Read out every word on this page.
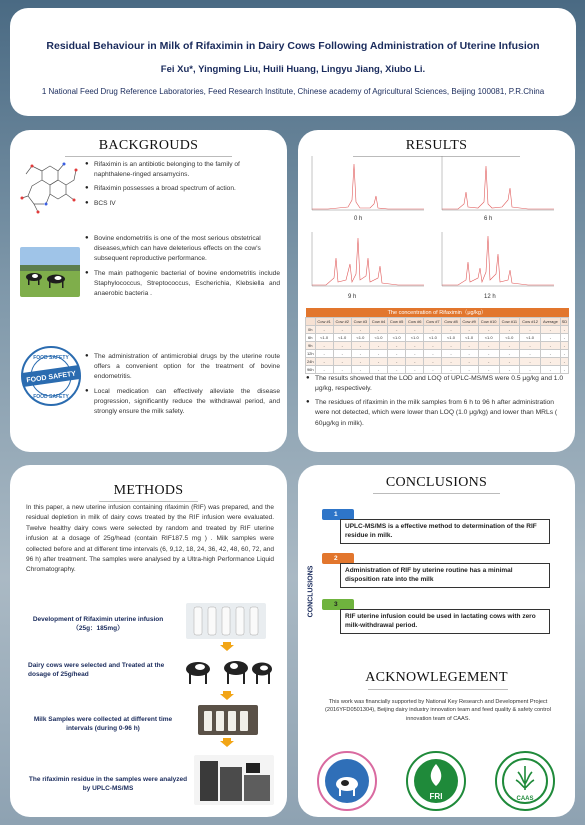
Residual Behaviour in Milk of Rifaximin in Dairy Cows Following Administration of Uterine Infusion
Fei Xu*, Yingming Liu, Huili Huang, Lingyu Jiang, Xiubo Li.
1 National Feed Drug Reference Laboratories, Feed Research Institute, Chinese academy of Agricultural Sciences, Beijing 100081, P.R.China
BACKGROUDS
● Rifaximin is an antibiotic belonging to the family of naphthalene-ringed ansamycins.
● Rifaximin possesses a broad spectrum of action.
● BCS IV
● Bovine endometritis is one of the most serious obstetrical diseases,which can have deleterious effects on the cow's subsequent reproductive performance.
● The main pathogenic bacterial of bovine endometritis include Staphylococcus, Streptococcus, Escherichia, Klebsiella and anaerobic bacteria .
FOOD SAFETY
FOOD SAFETY
FOOD SAFETY
● The administration of antimicrobial drugs by the uterine route offers a convenient option for the treatment of bovine endometritis.
● Local medication can effectively alleviate the disease progression, significantly reduce the withdrawal period, and strongly ensure the milk safety.
RESULTS
0 h	6 h
9 h	12 h
The concentration of Rifaximin（μg/kg）														
	Cow #1	Cow #2	Cow #3	Cow #4	Cow #5	Cow #6	Cow #7	Cow #8	Cow #9	Cow #10	Cow #11	Cow #12	Average	SD
0h	-	-	-	-	-	-	-	-	-	-	-	-	-	-
6h	<1.0	<1.0	<1.0	<1.0	<1.0	<1.0	<1.0	<1.0	<1.0	<1.0	<1.0	<1.0	-	-
9h	-	-	-	-	-	-	-	-	-	-	-	-	-	-
12h	-	-	-	-	-	-	-	-	-	-	-	-	-	-
24h	-	-	-	-	-	-	-	-	-	-	-	-	-	-
96h	-	-	-	-	-	-	-	-	-	-	-	-	-	-
● The results showed that the LOD and LOQ of UPLC-MS/MS were 0.5 μg/kg and 1.0 μg/kg, respectively.
● The residues of rifaximin in the milk samples from 6 h to 96 h after administration were not detected, which were lower than LOQ (1.0 μg/kg) and lower than MRLs ( 60μg/kg in milk).
METHODS
In this paper, a new uterine infusion containing rifaximin (RIF) was prepared, and the residual depletion in milk of dairy cows treated by the RIF infusion were evaluated. Twelve healthy dairy cows were selected by random and treated by RIF uterine infusion at a dosage of 25g/head (contain RIF187.5 mg ) . Milk samples were collected before and at different time intervals (6, 9,12, 18, 24, 36, 42, 48, 60, 72, and 96 h) after treatment. The samples were analysed by a Ultra-high Performance Liquid Chromatography.
Development of Rifaximin uterine infusion （25g：185mg）
Dairy cows were selected and Treated at the dosage of 25g/head
Milk Samples were collected at different time intervals (during 0-96 h)
The rifaximin residue in the samples were analyzed by UPLC-MS/MS
CONCLUSIONS
CONCLUSIONS
1
UPLC-MS/MS is a effective method to determination of the RIF residue in milk.
2
Administration of RIF by uterine routine has a minimal disposition rate into the milk
3
RIF uterine infusion could be used in lactating cows with zero milk-withdrawal period.
ACKNOWLEGEMENT
This work was financially supported by National Key Research and Development Project (2016YFD0501304), Beijing dairy industry innovation team and feed quality & safety control innovation team of CAAS.
FRI	CAAS
